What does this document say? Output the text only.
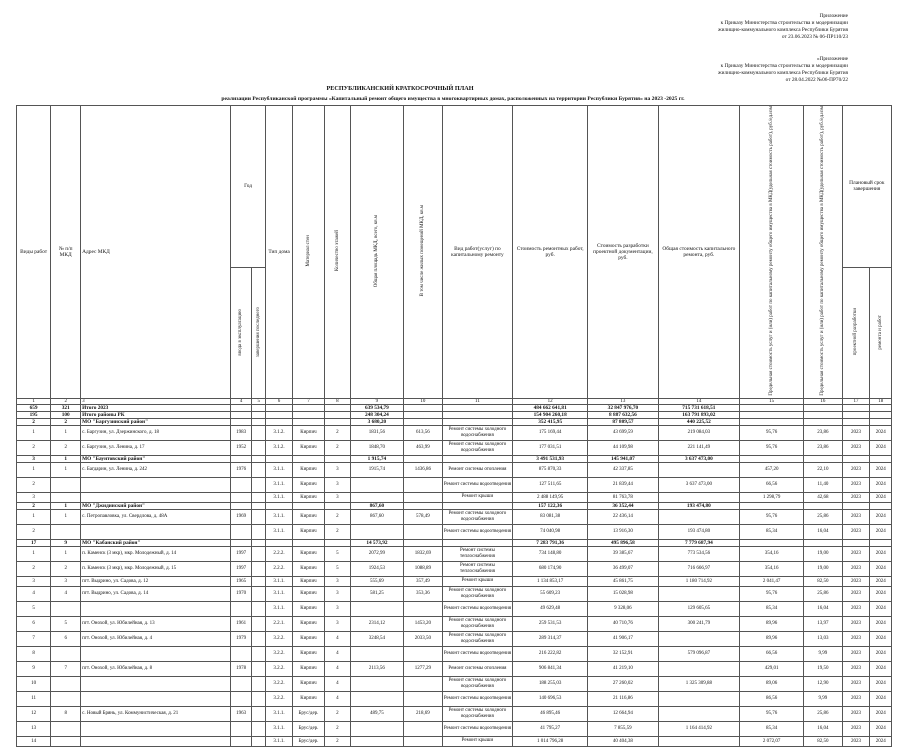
Приложение
к Приказу Министерства строительства и модернизации
жилищно-коммунального комплекса Республики Бурятия
от 23.06.2023 № 06-ПР110/23
«Приложение
к Приказу Министерства строительства и модернизации
жилищно-коммунального комплекса Республики Бурятия
от 28.04.2022 №06-ПР70/22
РЕСПУБЛИКАНСКИЙ КРАТКОСРОЧНЫЙ ПЛАН
реализации Республиканской программы «Капитальный ремонт общего имущества в многоквартирных домах, расположенных на территории Республики Бурятия» на 2023 -2025 гг.
Виды работ	№ п/п МКД	Адрес МКД	Год		Тип дома	Материал стен	Количество этажей	Общая площадь МКД, всего, кв.м	В том числе жилых помещений МКД, кв.м	Вид работ(услуг) по капитальному ремонту	Стоимость ремонтных работ, руб.	Стоимость разработки проектной документации, руб.	Общая стоимость капитального ремонта, руб.	Предельная стоимость услуг и (или) работ по капитальному ремонту общего имущества в МКД(удельная стоимость работ), руб./ед.изм	Предельная стоимость услуг и (или) работ по капитальному ремонту общего имущества в МКД(удельная стоимость работ), руб./ед.изм	Плановый срок завершения	
			ввода в эксплуатацию	завершения последнего												проектной разработки	ремонта и работ
1	2	3	4	5	6	7	8	9	10	11	12	13	14	15	16	17	18
659	321	Итого 2023						639 534,79			484 662 641,81	32 847 976,70	715 731 618,51				
195	100	Итого районы РК						248 304,24			154 904 260,18	8 887 632,56	163 791 893,02				
2	2	МО "Баргузинский район"						3 680,20			352 415,95	87 809,57	440 225,52				
1	1	с. Баргузин, ул. Дзержинского, д. 18	1983		3.1.2.	Кирпич	2	1831,56	613,56	Ремонт системы холодного водоснабжения	175 169,44	43 699,59	219 084,03	95,76	23,86	2023	2024
2	2	с. Баргузин, ул. Ленина, д. 17	1952		3.1.2.	Кирпич	2	1848,70	463,99	Ремонт системы холодного водоснабжения	177 031,51	44 109,98	221 141,49	95,76	23,86	2023	2024
3	1	МО "Баунтовский район"						1 915,74			3 491 531,93	145 941,07	3 637 473,00				
1	1	с. Багдарин, ул. Ленина, д. 242	1976		3.1.1.	Кирпич	3	1915,74	1436,86	Ремонт системы отопления	875 870,33	42 337,85		457,20	22,10	2023	2024
2					3.1.1.	Кирпич	3			Ремонт системы водоотведения	127 511,65	21 839,44	3 637 473,00	66,56	11,40	2023	2024
3					3.1.1.	Кирпич	3			Ремонт крыши	2 488 149,95	81 763,78		1 298,79	42,68	2023	2024
2	1	МО "Джидинский район"						867,60			157 122,36	36 352,44	193 474,80				
1	1	с. Петропавловка, ул. Свердлова, д. 48А	1969		3.1.1.	Кирпич	2	867,60	578,49	Ремонт системы холодного водоснабжения	83 081,38	22 436,14		95,76	25,86	2023	2024
2					3.1.1.	Кирпич	2			Ремонт системы водоотведения	74 040,98	13 916,30	193 474,80	85,34	16,04	2023	2024
17	9	МО "Кабанский район"						14 573,92			7 283 791,36	495 896,58	7 779 687,94				
1	1	п. Каменск (3 мкр), мкр. Молодежный, д. 14	1997		2.2.2.	Кирпич	5	2072,99	1832,69	Ремонт системы теплоснабжения	734 148,80	39 385,67	773 534,56	354,16	19,00	2023	2024
2	2	п. Каменск (3 мкр), мкр. Молодежный, д. 15	1997		2.2.2.	Кирпич	5	1924,53	1088,89	Ремонт системы теплоснабжения	680 174,90	36 499,07	716 666,97	354,16	19,00	2023	2024
3	3	пгт. Выдрино, ул. Садова, д. 12	1965		3.1.1.	Кирпич	3	555,69	357,49	Ремонт крыши	1 134 853,17	45 861,75	1 180 714,92	2 041,47	82,50	2023	2024
4	4	пгт. Выдрино, ул. Садова, д. 14	1970		3.1.1.	Кирпич	3	581,25	353,36	Ремонт системы холодного водоснабжения	55 609,23	15 028,98		95,76	25,86	2023	2024
5					3.1.1.	Кирпич	3			Ремонт системы водоотведения	49 629,48	9 328,06	129 605,65	85,34	16,04	2023	2024
6	5	пгт. Онохой, ул. Юбилейная, д. 13	1961		2.2.1.	Кирпич	3	2314,12	1453,20	Ремонт системы холодного водоснабжения	259 531,53	40 710,76	300 241,79	89,96	13,97	2023	2024
7	6	пгт. Онохой, ул. Юбилейная, д. 4	1979		3.2.2.	Кирпич	4	3248,54	2033,50	Ремонт системы холодного водоснабжения	289 314,37	41 906,17		89,96	13,03	2023	2024
8					3.2.2.	Кирпич	4			Ремонт системы водоотведения	216 222,82	32 152,91	579 096,87	66,56	9,99	2023	2024
9	7	пгт. Онохой, ул. Юбилейная, д. 8	1978		3.2.2.	Кирпич	4	2113,56	1277,29	Ремонт системы отопления	906 841,34	41 219,10		429,01	19,50	2023	2024
10					3.2.2.	Кирпич	4			Ремонт системы холодного водоснабжения	188 255,03	27 260,02	1 325 309,88	89,06	12,90	2023	2024
11					3.2.2.	Кирпич	4			Ремонт системы водоотведения	140 696,53	21 116,86		86,56	9,99	2023	2024
12	8	с. Новый Брянь, ул. Коммунистическая, д. 21	1963		3.1.1.	Брус/дер.	2	489,75	218,69	Ремонт системы холодного водоснабжения	46 895,46	12 664,94		95,76	25,86	2023	2024
13					3.1.1.	Брус/дер.	2			Ремонт системы водоотведения	41 795,27	7 855,59	1 164 414,92	85,34	16,04	2023	2024
14					3.1.1.	Брус/дер.	2			Ремонт крыши	1 014 796,28	40 404,38		2 072,07	82,50	2023	2024
